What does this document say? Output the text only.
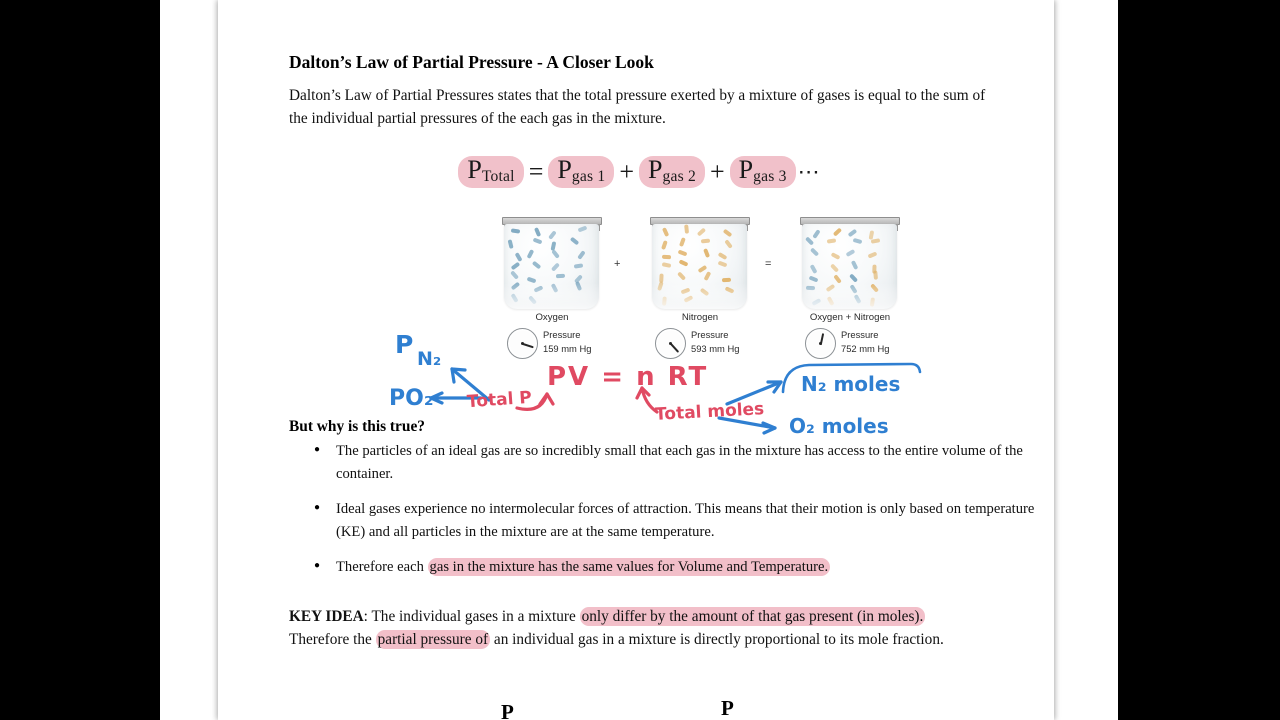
Dalton’s Law of Partial Pressure - A Closer Look

Dalton’s Law of Partial Pressures states that the total pressure exerted by a mixture of gases is equal to the sum of the individual partial pressures of the each gas in the mixture.

$P_{Total} = P_{gas 1} + P_{gas 2} + P_{gas 3}$ ⋯
+	=
Oxygen
Pressure
159 mm Hg
Nitrogen
Pressure
593 mm Hg
Oxygen + Nitrogen
Pressure
752 mm Hg
P N₂
PO₂ Total P
PV = n RT
Total moles
N₂ moles
O₂ moles

But why is this true?

● The particles of an ideal gas are so incredibly small that each gas in the mixture has access to the entire volume of the container.
● Ideal gases experience no intermolecular forces of attraction. This means that their motion is only based on temperature (KE) and all particles in the mixture are at the same temperature.
● Therefore each gas in the mixture has the same values for Volume and Temperature.

KEY IDEA: The individual gases in a mixture only differ by the amount of that gas present (in moles). Therefore the partial pressure of an individual gas in a mixture is directly proportional to its mole fraction.

P	P
